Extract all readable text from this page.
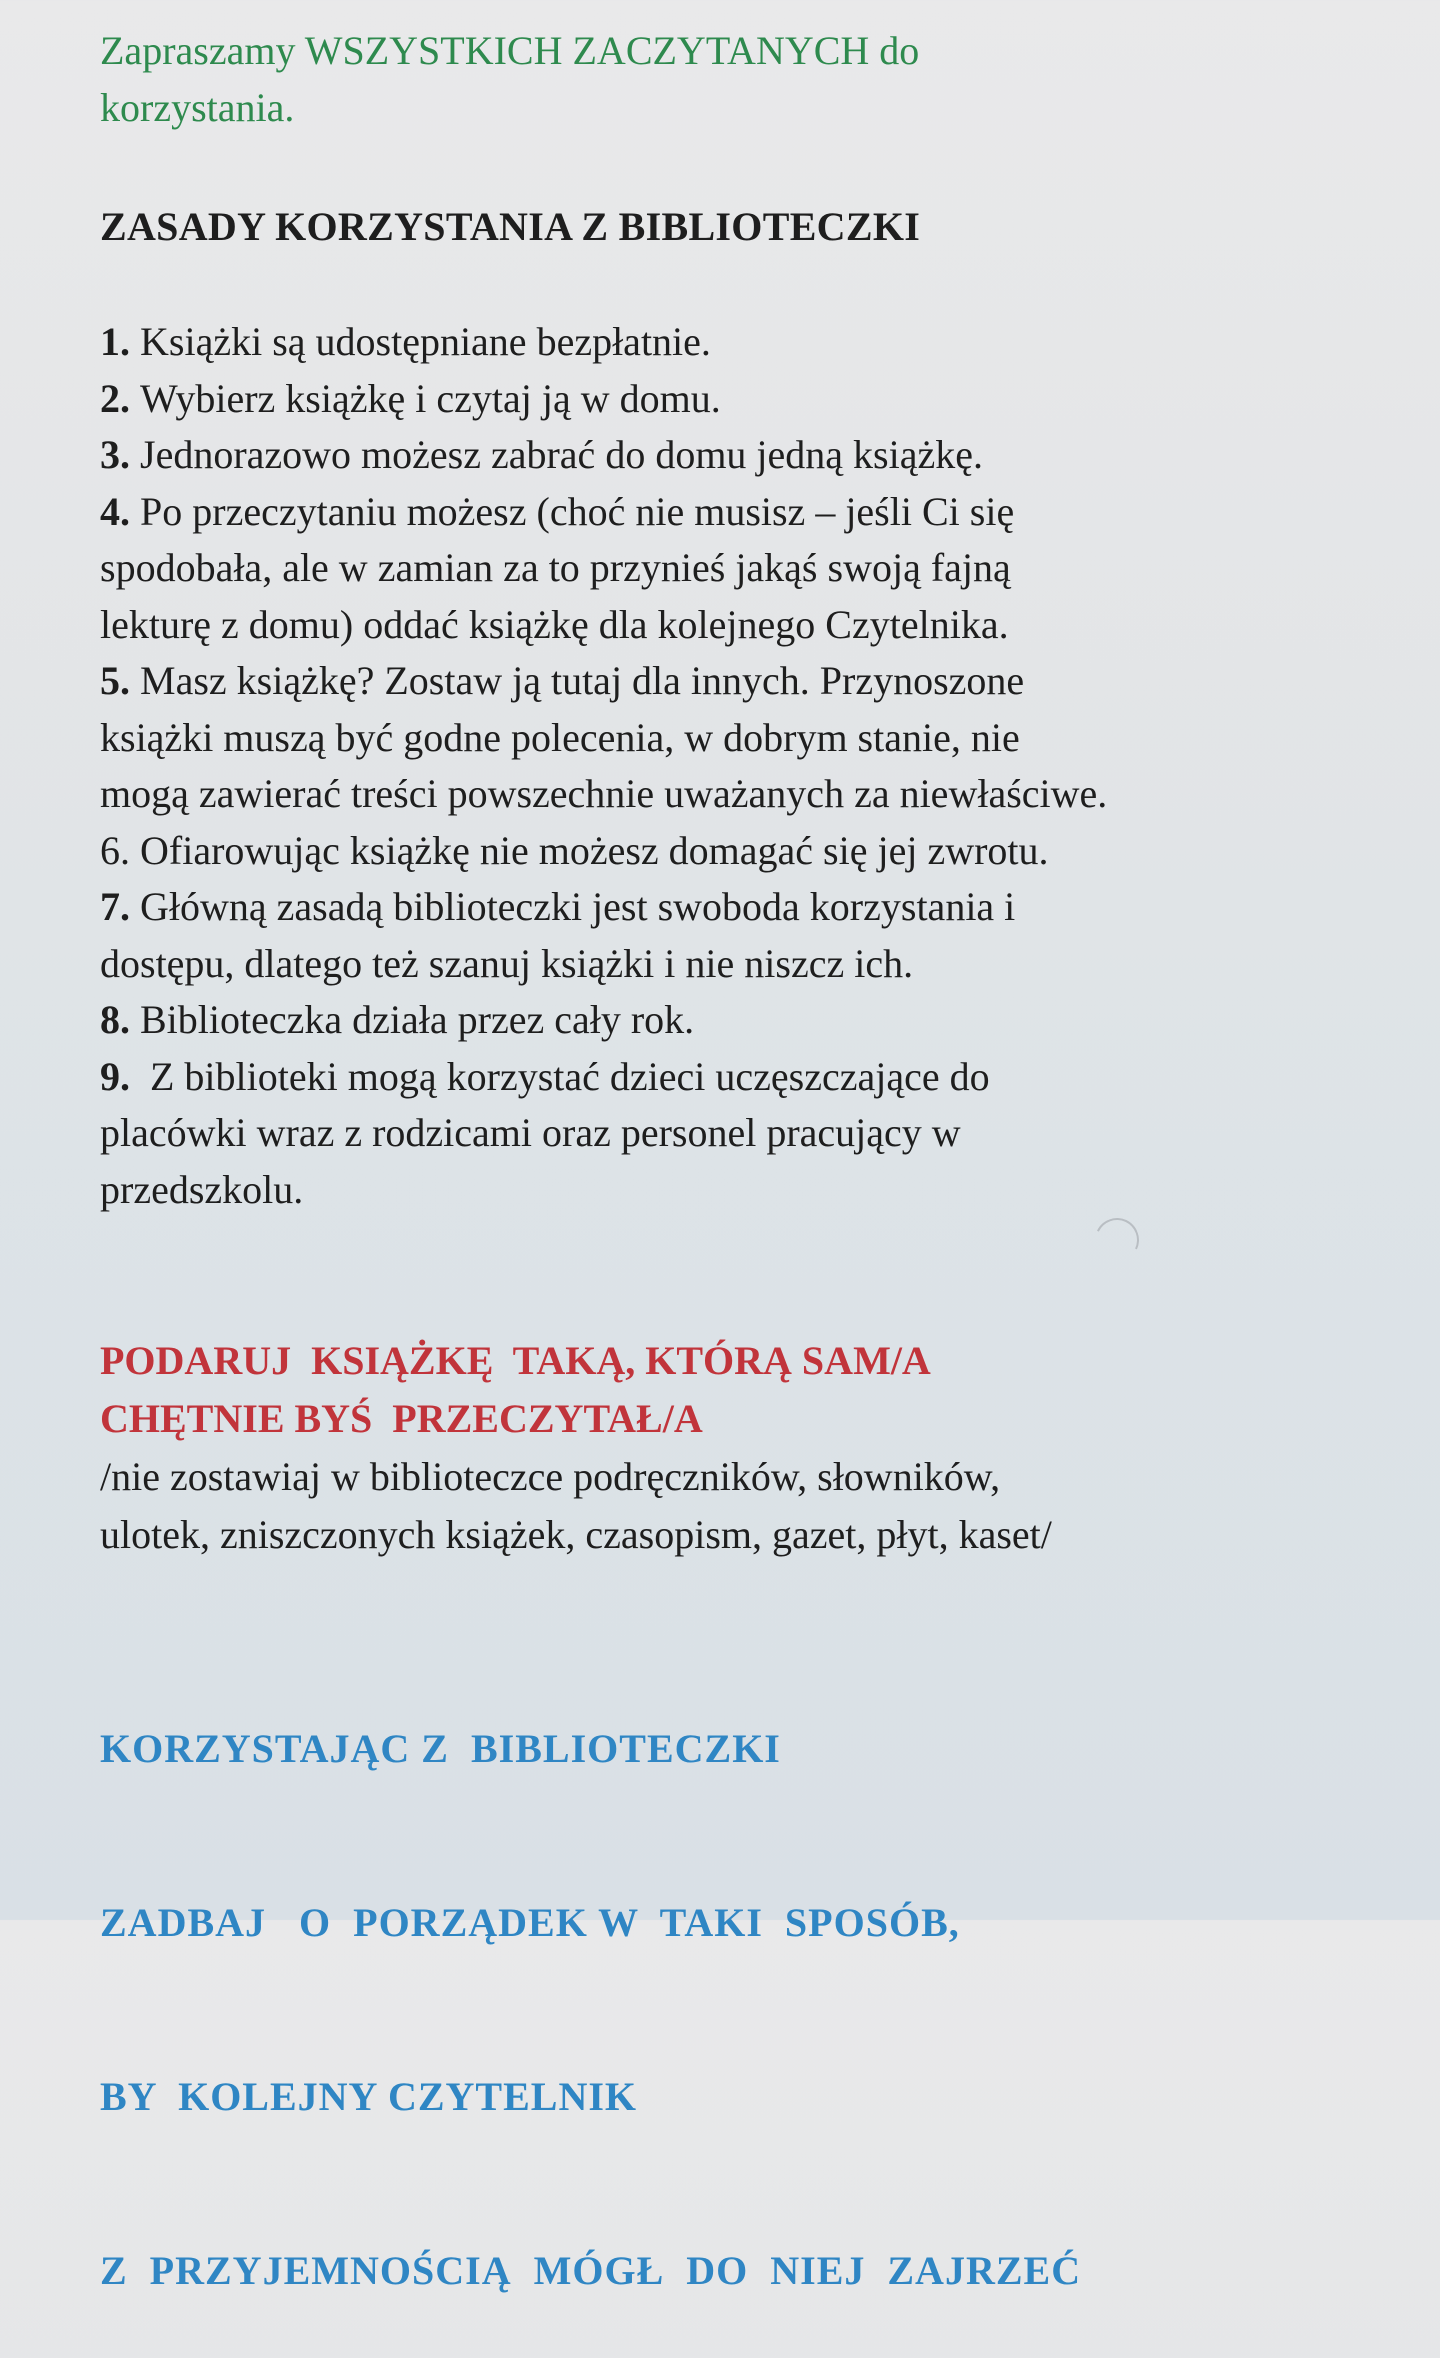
Zapraszamy WSZYSTKICH ZACZYTANYCH do
korzystania.
ZASADY KORZYSTANIA Z BIBLIOTECZKI
1. Książki są udostępniane bezpłatnie.
2. Wybierz książkę i czytaj ją w domu.
3. Jednorazowo możesz zabrać do domu jedną książkę.
4. Po przeczytaniu możesz (choć nie musisz – jeśli Ci się
spodobała, ale w zamian za to przynieś jakąś swoją fajną
lekturę z domu) oddać książkę dla kolejnego Czytelnika.
5. Masz książkę? Zostaw ją tutaj dla innych. Przynoszone
książki muszą być godne polecenia, w dobrym stanie, nie
mogą zawierać treści powszechnie uważanych za niewłaściwe.
6. Ofiarowując książkę nie możesz domagać się jej zwrotu.
7. Główną zasadą biblioteczki jest swoboda korzystania i
dostępu, dlatego też szanuj książki i nie niszcz ich.
8. Biblioteczka działa przez cały rok.
9. Z biblioteki mogą korzystać dzieci uczęszczające do
placówki wraz z rodzicami oraz personel pracujący w
przedszkolu.
PODARUJ  KSIĄŻKĘ  TAKĄ, KTÓRĄ SAM/A
CHĘTNIE BYŚ  PRZECZYTAŁ/A
/nie zostawiaj w biblioteczce podręczników, słowników,
ulotek, zniszczonych książek, czasopism, gazet, płyt, kaset/

KORZYSTAJĄC Z  BIBLIOTECZKI

ZADBAJ   O  PORZĄDEK W  TAKI  SPOSÓB,

BY  KOLEJNY CZYTELNIK

Z  PRZYJEMNOŚCIĄ  MÓGŁ  DO  NIEJ  ZAJRZEĆ
